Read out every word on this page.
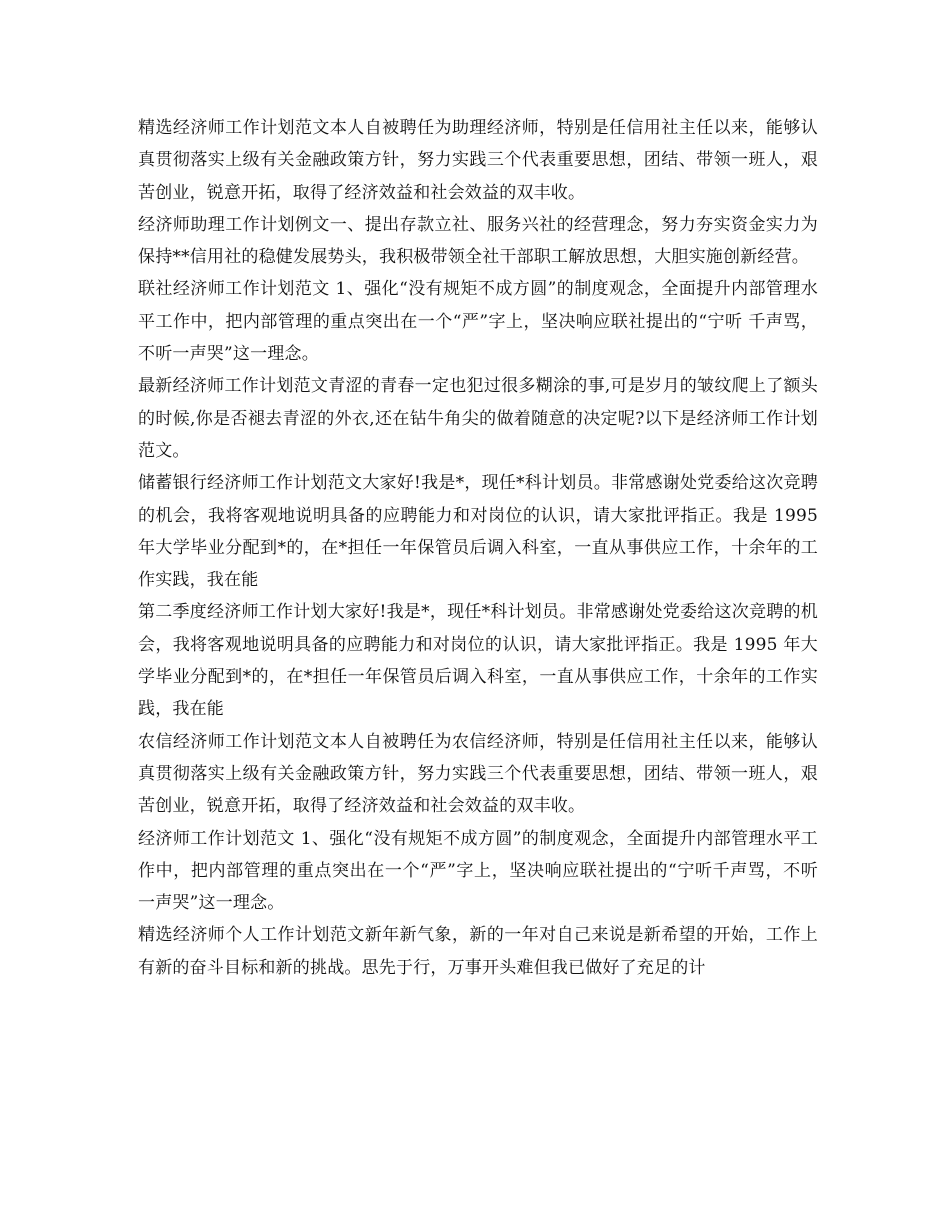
精选经济师工作计划范文本人自被聘任为助理经济师，特别是任信用社主任以来，能够认真贯彻落实上级有关金融政策方针，努力实践三个代表重要思想，团结、带领一班人，艰苦创业，锐意开拓，取得了经济效益和社会效益的双丰收。

经济师助理工作计划例文一、提出存款立社、服务兴社的经营理念，努力夯实资金实力为保持**信用社的稳健发展势头，我积极带领全社干部职工解放思想，大胆实施创新经营。

联社经济师工作计划范文 1、强化“没有规矩不成方圆”的制度观念，全面提升内部管理水平工作中，把内部管理的重点突出在一个“严”字上，坚决响应联社提出的“宁听 千声骂，不听一声哭”这一理念。

最新经济师工作计划范文青涩的青春一定也犯过很多糊涂的事,可是岁月的皱纹爬上了额头的时候,你是否褪去青涩的外衣,还在钻牛角尖的做着随意的决定呢?以下是经济师工作计划范文。

储蓄银行经济师工作计划范文大家好!我是*，现任*科计划员。非常感谢处党委给这次竞聘的机会，我将客观地说明具备的应聘能力和对岗位的认识，请大家批评指正。我是 1995 年大学毕业分配到*的，在*担任一年保管员后调入科室，一直从事供应工作，十余年的工作实践，我在能

第二季度经济师工作计划大家好!我是*，现任*科计划员。非常感谢处党委给这次竞聘的机会，我将客观地说明具备的应聘能力和对岗位的认识，请大家批评指正。我是 1995 年大学毕业分配到*的，在*担任一年保管员后调入科室，一直从事供应工作，十余年的工作实践，我在能

农信经济师工作计划范文本人自被聘任为农信经济师，特别是任信用社主任以来，能够认真贯彻落实上级有关金融政策方针，努力实践三个代表重要思想，团结、带领一班人，艰苦创业，锐意开拓，取得了经济效益和社会效益的双丰收。

经济师工作计划范文 1、强化“没有规矩不成方圆”的制度观念，全面提升内部管理水平工作中，把内部管理的重点突出在一个“严”字上，坚决响应联社提出的“宁听千声骂，不听一声哭”这一理念。

精选经济师个人工作计划范文新年新气象，新的一年对自己来说是新希望的开始，工作上有新的奋斗目标和新的挑战。思先于行，万事开头难但我已做好了充足的计
